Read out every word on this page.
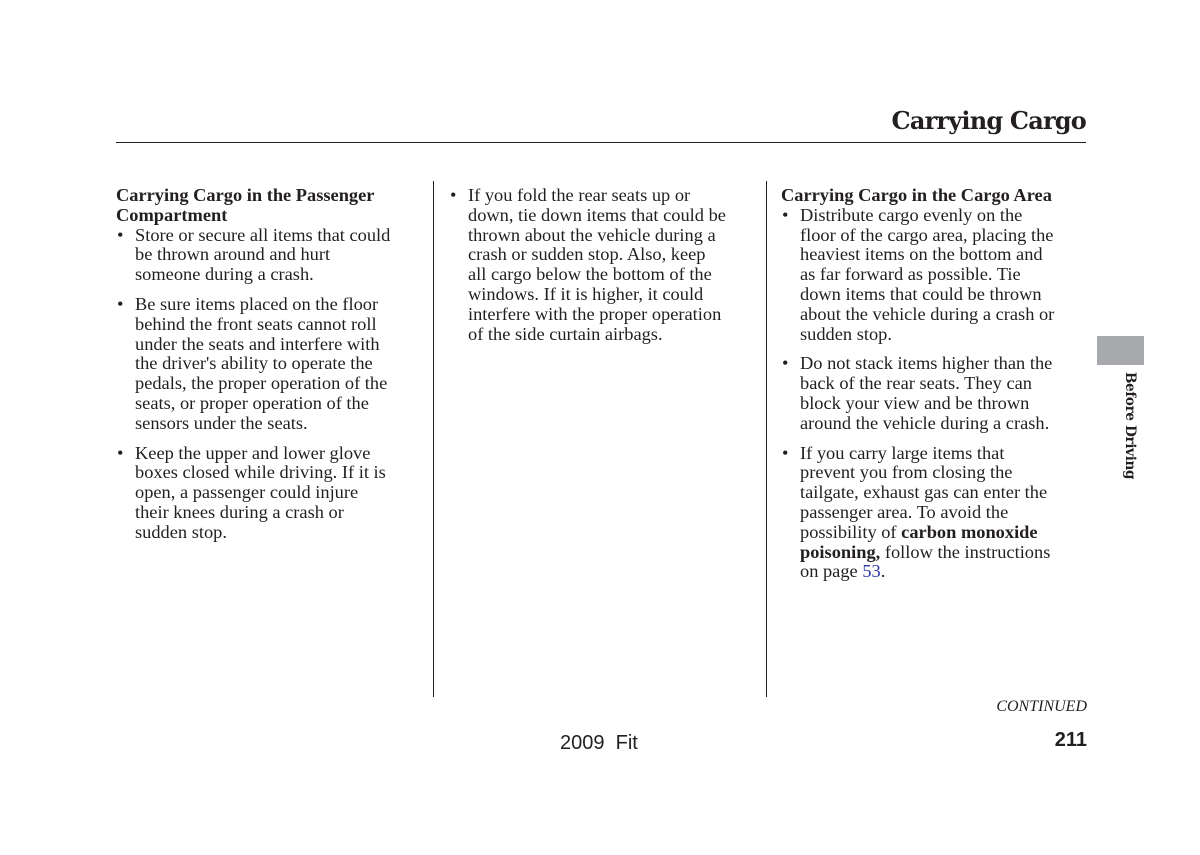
Carrying Cargo
Carrying Cargo in the Passenger
Compartment
• Store or secure all items that could
be thrown around and hurt
someone during a crash.
• Be sure items placed on the floor
behind the front seats cannot roll
under the seats and interfere with
the driver's ability to operate the
pedals, the proper operation of the
seats, or proper operation of the
sensors under the seats.
• Keep the upper and lower glove
boxes closed while driving. If it is
open, a passenger could injure
their knees during a crash or
sudden stop.
• If you fold the rear seats up or
down, tie down items that could be
thrown about the vehicle during a
crash or sudden stop. Also, keep
all cargo below the bottom of the
windows. If it is higher, it could
interfere with the proper operation
of the side curtain airbags.
Carrying Cargo in the Cargo Area
• Distribute cargo evenly on the
floor of the cargo area, placing the
heaviest items on the bottom and
as far forward as possible. Tie
down items that could be thrown
about the vehicle during a crash or
sudden stop.
• Do not stack items higher than the
back of the rear seats. They can
block your view and be thrown
around the vehicle during a crash.
• If you carry large items that
prevent you from closing the
tailgate, exhaust gas can enter the
passenger area. To avoid the
possibility of carbon monoxide
poisoning, follow the instructions
on page 53.
Before Driving
CONTINUED
2009  Fit	211
